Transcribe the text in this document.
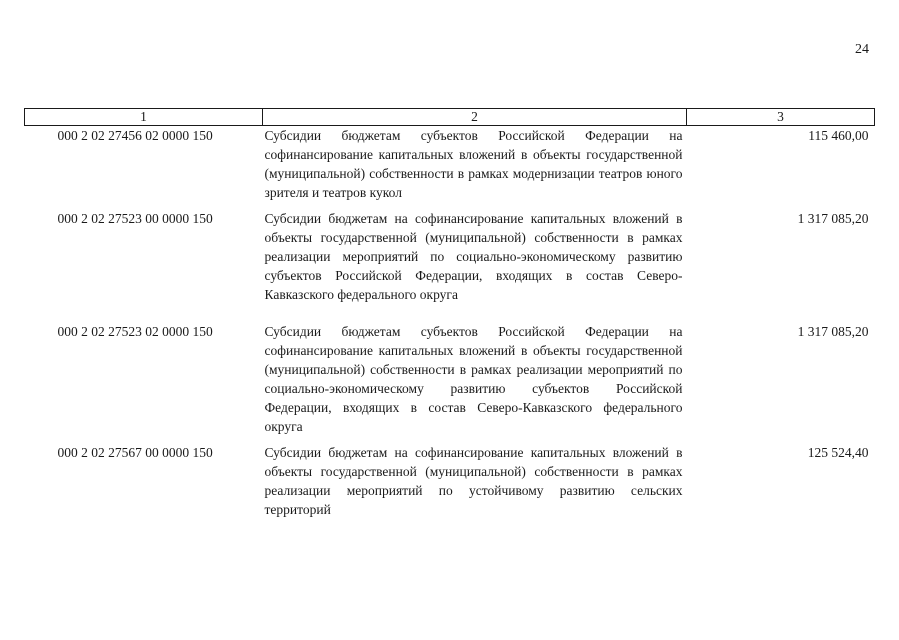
24
1	2	3
000 2 02 27456 02 0000 150	Субсидии бюджетам субъектов Российской Федерации на софинансирование капитальных вложений в объекты государственной (муниципальной) собственности в рамках модернизации театров юного зрителя и театров кукол	115 460,00
000 2 02 27523 00 0000 150	Субсидии бюджетам на софинансирование капитальных вложений в объекты государственной (муниципальной) собственности в рамках реализации мероприятий по социально-экономическому развитию субъектов Российской Федерации, входящих в состав Северо-Кавказского федерального округа	1 317 085,20
000 2 02 27523 02 0000 150	Субсидии бюджетам субъектов Российской Федерации на софинансирование капитальных вложений в объекты государственной (муниципальной) собственности в рамках реализации мероприятий по социально-экономическому развитию субъектов Российской Федерации, входящих в состав Северо-Кавказского федерального округа	1 317 085,20
000 2 02 27567 00 0000 150	Субсидии бюджетам на софинансирование капитальных вложений в объекты государственной (муниципальной) собственности в рамках реализации мероприятий по устойчивому развитию сельских территорий	125 524,40
